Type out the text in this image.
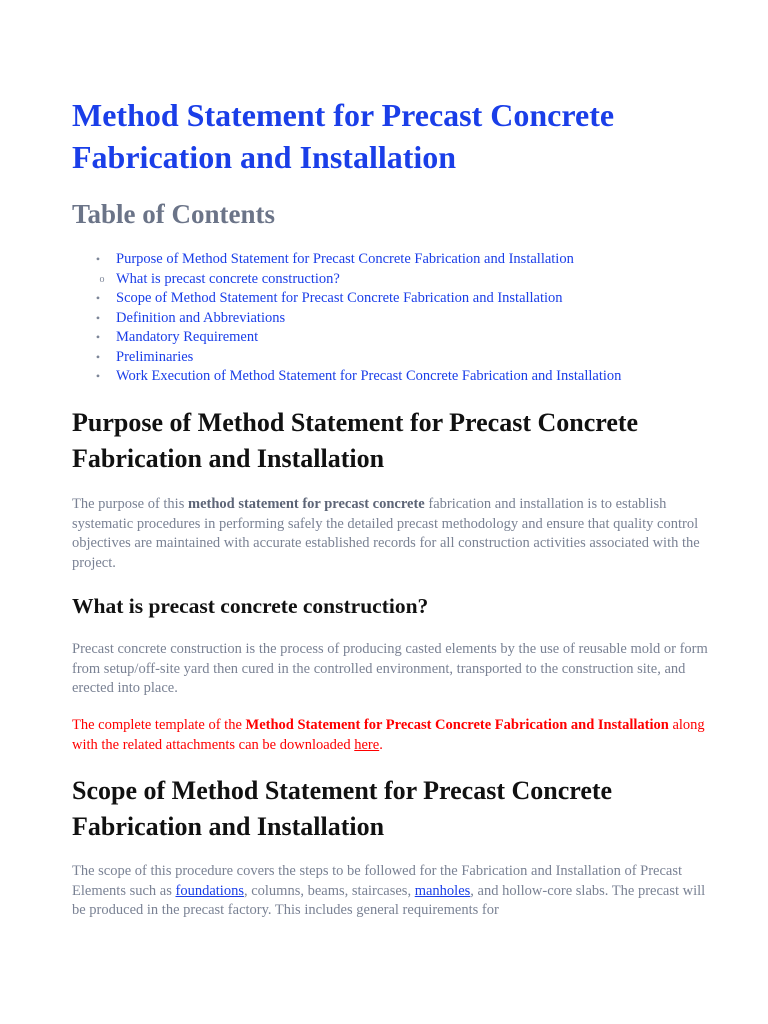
Method Statement for Precast Concrete Fabrication and Installation
Table of Contents
• Purpose of Method Statement for Precast Concrete Fabrication and Installation
o What is precast concrete construction?
• Scope of Method Statement for Precast Concrete Fabrication and Installation
• Definition and Abbreviations
• Mandatory Requirement
• Preliminaries
• Work Execution of Method Statement for Precast Concrete Fabrication and Installation
Purpose of Method Statement for Precast Concrete Fabrication and Installation

The purpose of this method statement for precast concrete fabrication and installation is to establish systematic procedures in performing safely the detailed precast methodology and ensure that quality control objectives are maintained with accurate established records for all construction activities associated with the project.

What is precast concrete construction?

Precast concrete construction is the process of producing casted elements by the use of reusable mold or form from setup/off-site yard then cured in the controlled environment, transported to the construction site, and erected into place.

The complete template of the Method Statement for Precast Concrete Fabrication and Installation along with the related attachments can be downloaded here.

Scope of Method Statement for Precast Concrete Fabrication and Installation

The scope of this procedure covers the steps to be followed for the Fabrication and Installation of Precast Elements such as foundations, columns, beams, staircases, manholes, and hollow-core slabs. The precast will be produced in the precast factory. This includes general requirements for
